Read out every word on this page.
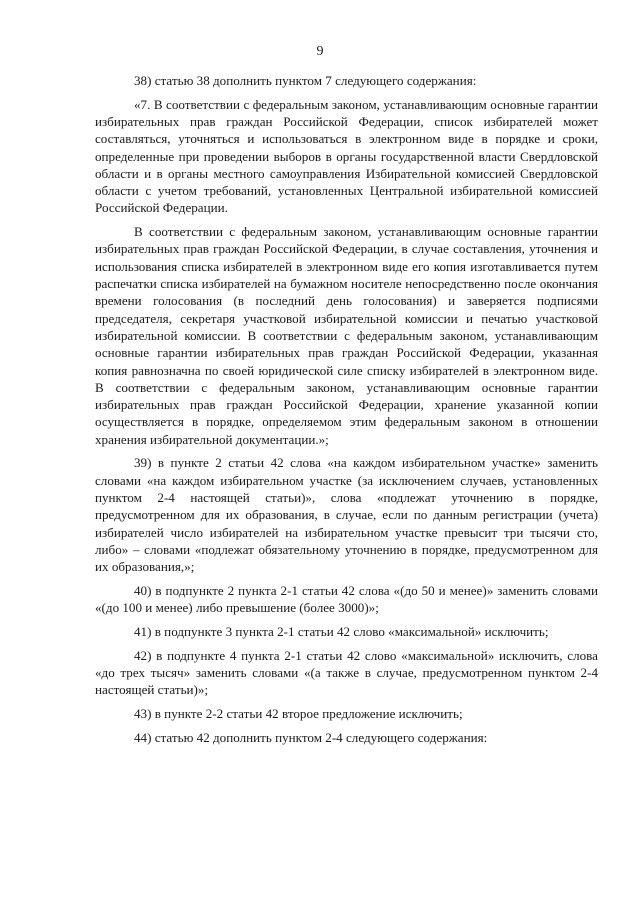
9

38) статью 38 дополнить пунктом 7 следующего содержания:

«7. В соответствии с федеральным законом, устанавливающим основные гарантии избирательных прав граждан Российской Федерации, список избирателей может составляться, уточняться и использоваться в электронном виде в порядке и сроки, определенные при проведении выборов в органы государственной власти Свердловской области и в органы местного самоуправления Избирательной комиссией Свердловской области с учетом требований, установленных Центральной избирательной комиссией Российской Федерации.

В соответствии с федеральным законом, устанавливающим основные гарантии избирательных прав граждан Российской Федерации, в случае составления, уточнения и использования списка избирателей в электронном виде его копия изготавливается путем распечатки списка избирателей на бумажном носителе непосредственно после окончания времени голосования (в последний день голосования) и заверяется подписями председателя, секретаря участковой избирательной комиссии и печатью участковой избирательной комиссии. В соответствии с федеральным законом, устанавливающим основные гарантии избирательных прав граждан Российской Федерации, указанная копия равнозначна по своей юридической силе списку избирателей в электронном виде. В соответствии с федеральным законом, устанавливающим основные гарантии избирательных прав граждан Российской Федерации, хранение указанной копии осуществляется в порядке, определяемом этим федеральным законом в отношении хранения избирательной документации.»;

39) в пункте 2 статьи 42 слова «на каждом избирательном участке» заменить словами «на каждом избирательном участке (за исключением случаев, установленных пунктом 2-4 настоящей статьи)», слова «подлежат уточнению в порядке, предусмотренном для их образования, в случае, если по данным регистрации (учета) избирателей число избирателей на избирательном участке превысит три тысячи сто, либо» – словами «подлежат обязательному уточнению в порядке, предусмотренном для их образования,»;

40) в подпункте 2 пункта 2-1 статьи 42 слова «(до 50 и менее)» заменить словами «(до 100 и менее) либо превышение (более 3000)»;

41) в подпункте 3 пункта 2-1 статьи 42 слово «максимальной» исключить;

42) в подпункте 4 пункта 2-1 статьи 42 слово «максимальной» исключить, слова «до трех тысяч» заменить словами «(а также в случае, предусмотренном пунктом 2-4 настоящей статьи)»;

43) в пункте 2-2 статьи 42 второе предложение исключить;

44) статью 42 дополнить пунктом 2-4 следующего содержания:
